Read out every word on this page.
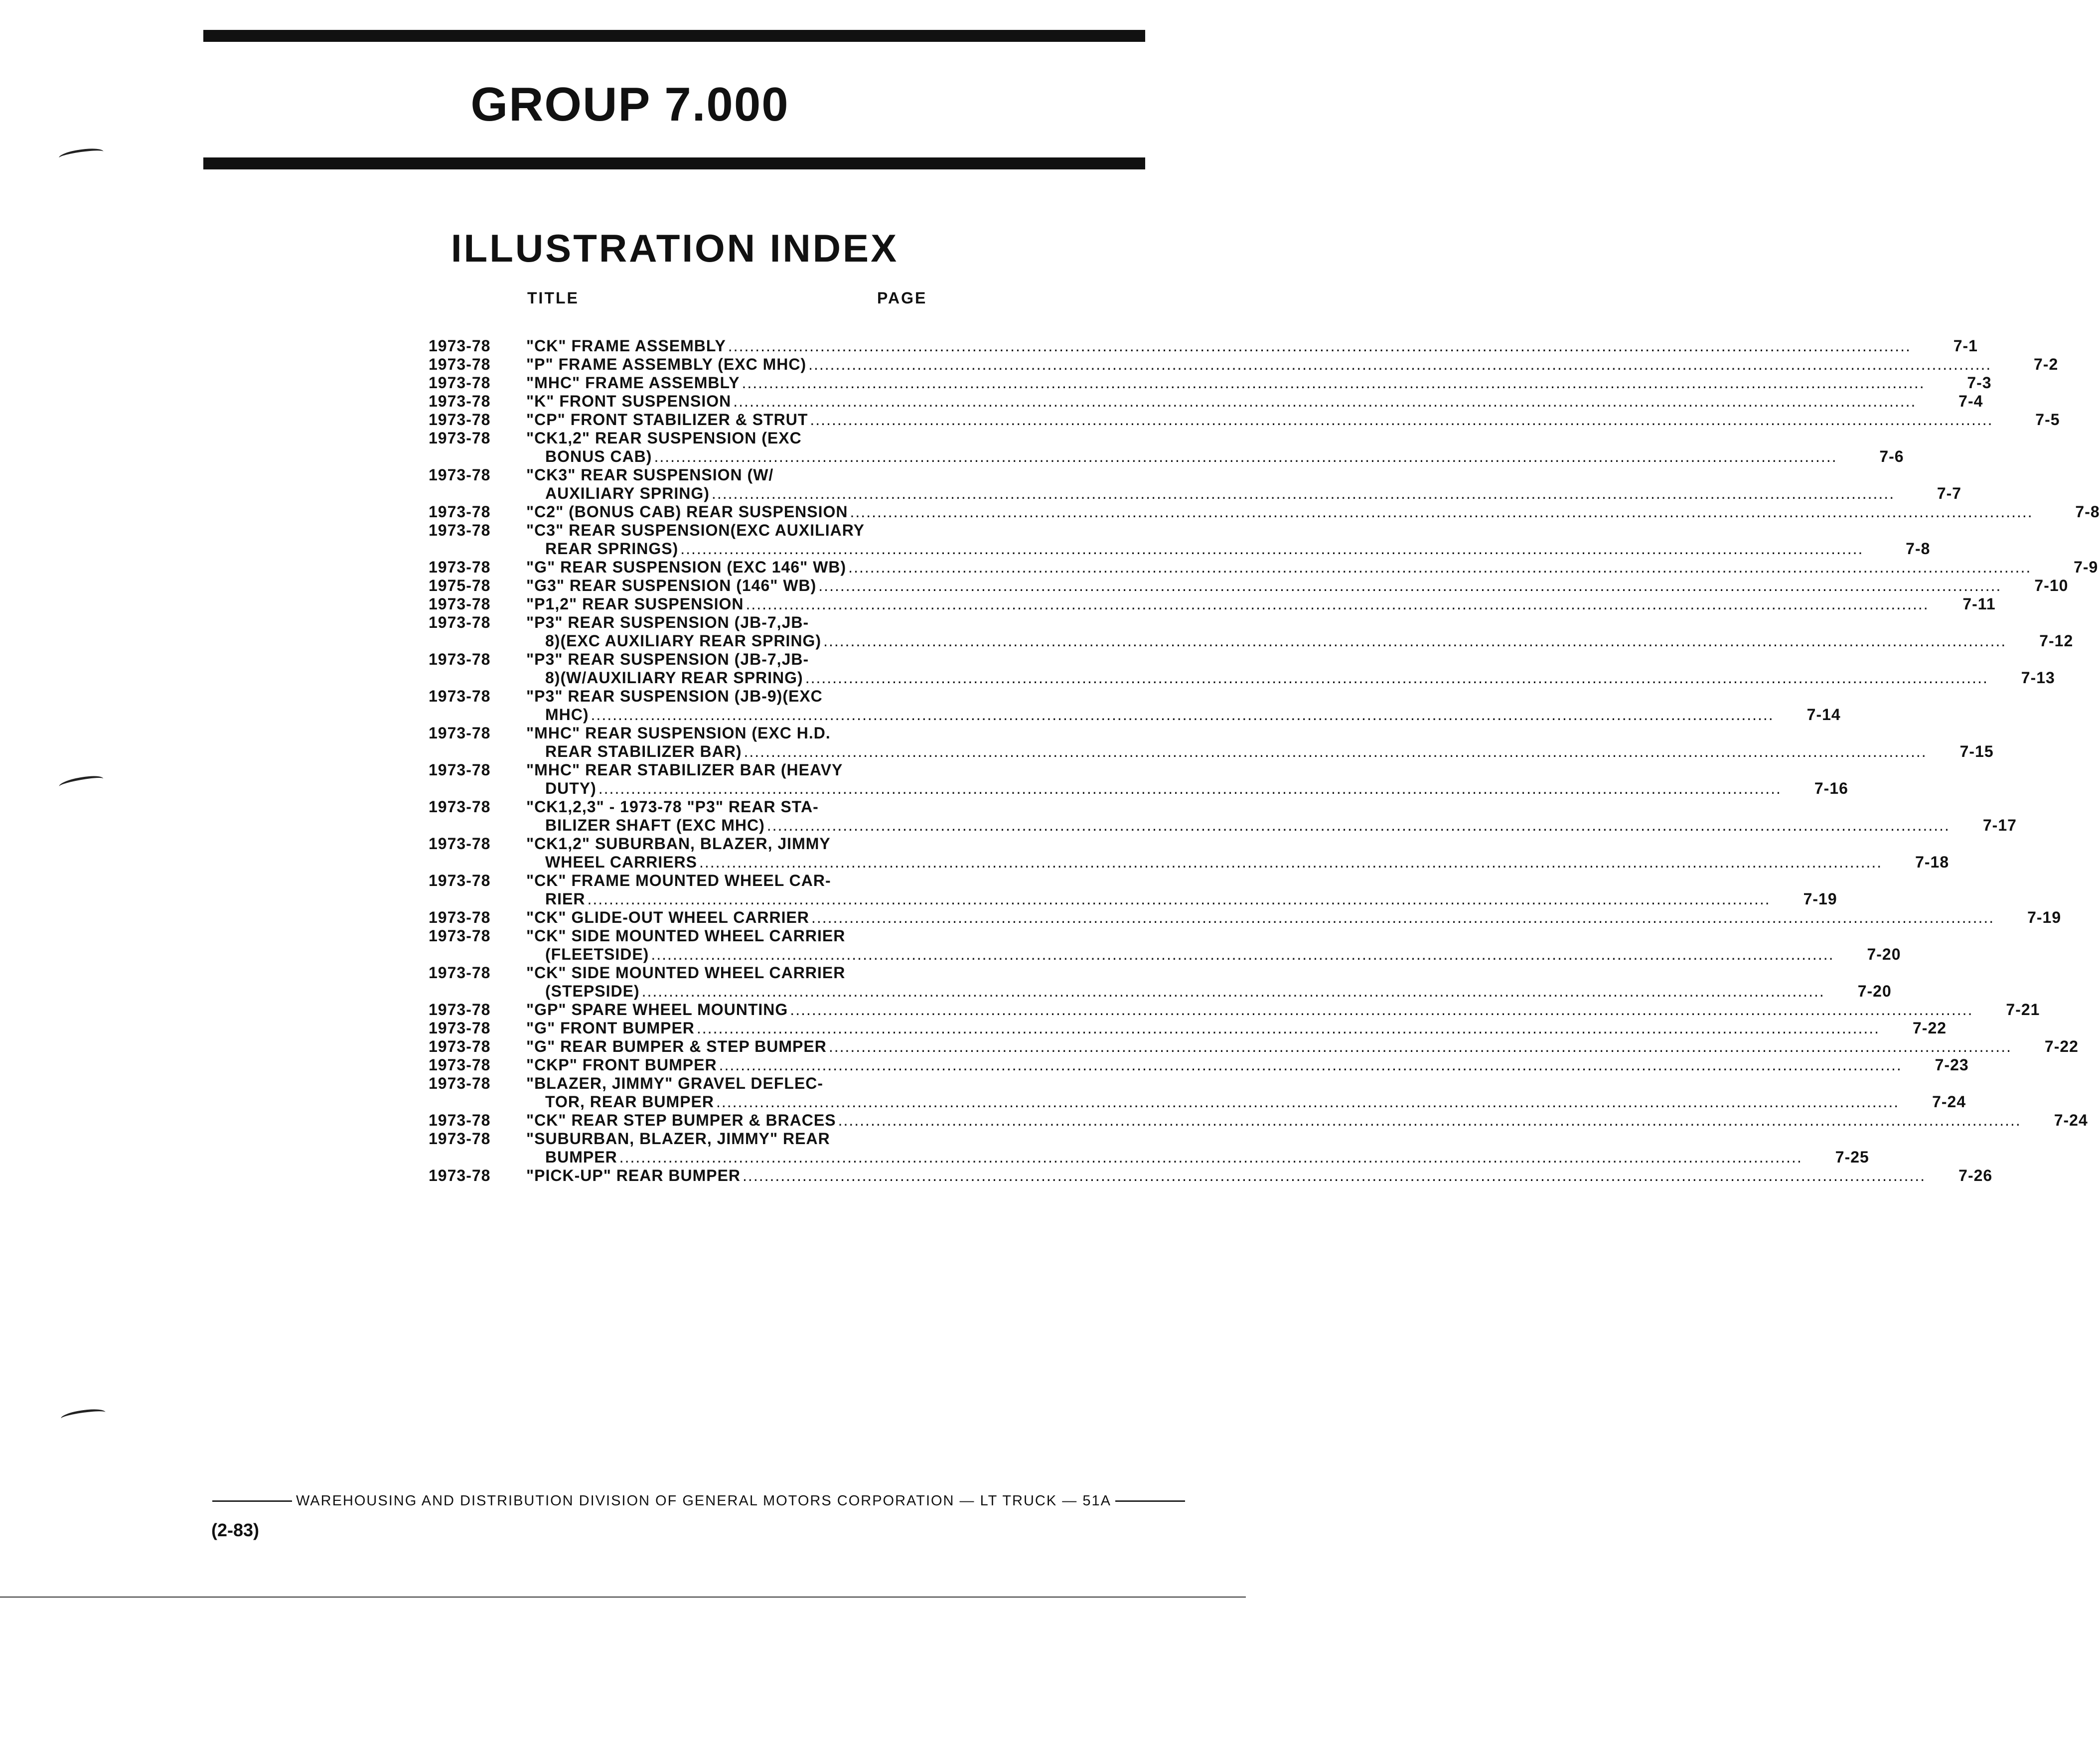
GROUP 7.000
ILLUSTRATION INDEX
TITLE	PAGE
1973-78	"CK" FRAME ASSEMBLY .....	7-1
1973-78	"P" FRAME ASSEMBLY (EXC MHC) .....	7-2
1973-78	"MHC" FRAME ASSEMBLY .....	7-3
1973-78	"K" FRONT SUSPENSION .....	7-4
1973-78	"CP" FRONT STABILIZER & STRUT .....	7-5
1973-78	"CK1,2" REAR SUSPENSION (EXC
BONUS CAB) .....	7-6
1973-78	"CK3" REAR SUSPENSION (W/
AUXILIARY SPRING) .....	7-7
1973-78	"C2" (BONUS CAB) REAR SUSPENSION .....	7-8
1973-78	"C3" REAR SUSPENSION(EXC AUXILIARY
REAR SPRINGS) .....	7-8
1973-78	"G" REAR SUSPENSION (EXC 146" WB) .....	7-9
1975-78	"G3" REAR SUSPENSION (146" WB) .....	7-10
1973-78	"P1,2" REAR SUSPENSION .....	7-11
1973-78	"P3" REAR SUSPENSION (JB-7,JB-
8)(EXC AUXILIARY REAR SPRING) .....	7-12
1973-78	"P3" REAR SUSPENSION (JB-7,JB-
8)(W/AUXILIARY REAR SPRING) .....	7-13
1973-78	"P3" REAR SUSPENSION (JB-9)(EXC
MHC) .....	7-14
1973-78	"MHC" REAR SUSPENSION (EXC H.D.
REAR STABILIZER BAR) .....	7-15
1973-78	"MHC" REAR STABILIZER BAR (HEAVY
DUTY) .....	7-16
1973-78	"CK1,2,3" - 1973-78 "P3" REAR STA-
BILIZER SHAFT (EXC MHC) .....	7-17
1973-78	"CK1,2" SUBURBAN, BLAZER, JIMMY
WHEEL CARRIERS .....	7-18
1973-78	"CK" FRAME MOUNTED WHEEL CAR-
RIER .....	7-19
1973-78	"CK" GLIDE-OUT WHEEL CARRIER .....	7-19
1973-78	"CK" SIDE MOUNTED WHEEL CARRIER
(FLEETSIDE) .....	7-20
1973-78	"CK" SIDE MOUNTED WHEEL CARRIER
(STEPSIDE) .....	7-20
1973-78	"GP" SPARE WHEEL MOUNTING .....	7-21
1973-78	"G" FRONT BUMPER .....	7-22
1973-78	"G" REAR BUMPER & STEP BUMPER .....	7-22
1973-78	"CKP" FRONT BUMPER .....	7-23
1973-78	"BLAZER, JIMMY" GRAVEL DEFLEC-
TOR, REAR BUMPER .....	7-24
1973-78	"CK" REAR STEP BUMPER & BRACES .....	7-24
1973-78	"SUBURBAN, BLAZER, JIMMY" REAR
BUMPER .....	7-25
1973-78	"PICK-UP" REAR BUMPER .....	7-26
WAREHOUSING AND DISTRIBUTION DIVISION OF GENERAL MOTORS CORPORATION — LT TRUCK — 51A
(2-83)
